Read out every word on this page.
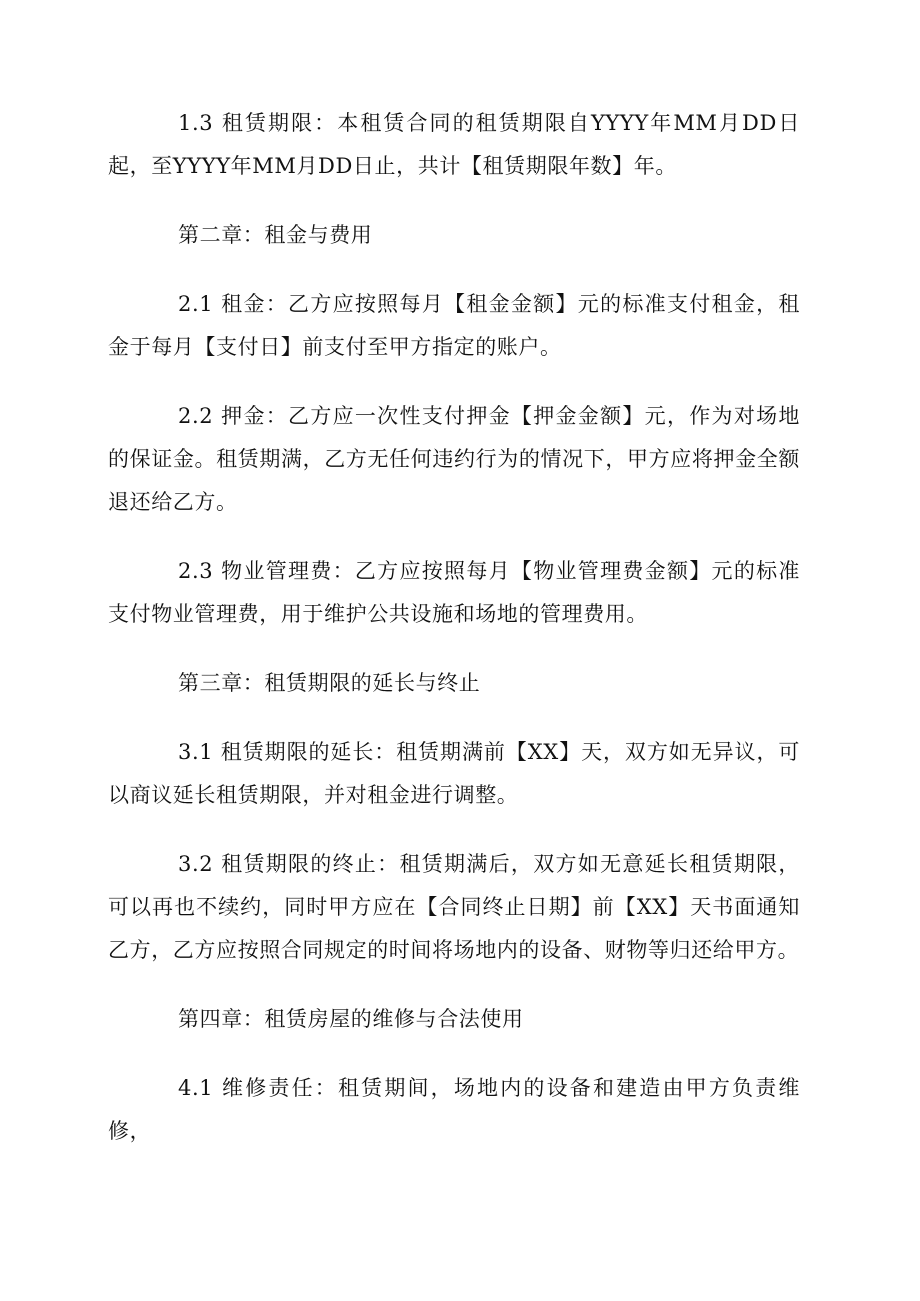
1.3 租赁期限：本租赁合同的租赁期限自YYYY年MM月DD日起，至YYYY年MM月DD日止，共计【租赁期限年数】年。

第二章：租金与费用

2.1 租金：乙方应按照每月【租金金额】元的标准支付租金，租金于每月【支付日】前支付至甲方指定的账户。

2.2 押金：乙方应一次性支付押金【押金金额】元，作为对场地的保证金。租赁期满，乙方无任何违约行为的情况下，甲方应将押金全额退还给乙方。

2.3 物业管理费：乙方应按照每月【物业管理费金额】元的标准支付物业管理费，用于维护公共设施和场地的管理费用。

第三章：租赁期限的延长与终止

3.1 租赁期限的延长：租赁期满前【XX】天，双方如无异议，可以商议延长租赁期限，并对租金进行调整。

3.2 租赁期限的终止：租赁期满后，双方如无意延长租赁期限，可以再也不续约，同时甲方应在【合同终止日期】前【XX】天书面通知乙方，乙方应按照合同规定的时间将场地内的设备、财物等归还给甲方。

第四章：租赁房屋的维修与合法使用

4.1 维修责任：租赁期间，场地内的设备和建造由甲方负责维修，
